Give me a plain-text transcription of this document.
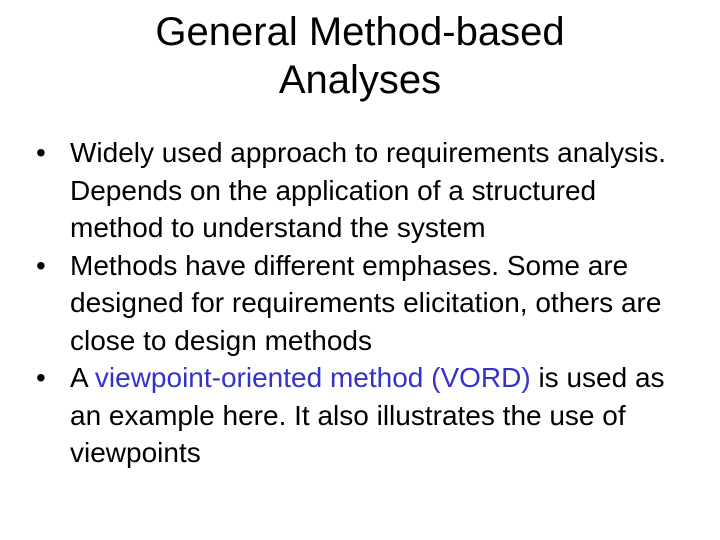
General Method-based
Analyses
• Widely used approach to requirements analysis. Depends on the application of a structured method to understand the system
• Methods have different emphases. Some are designed for requirements elicitation, others are close to design methods
• A viewpoint-oriented method (VORD) is used as an example here. It also illustrates the use of viewpoints
